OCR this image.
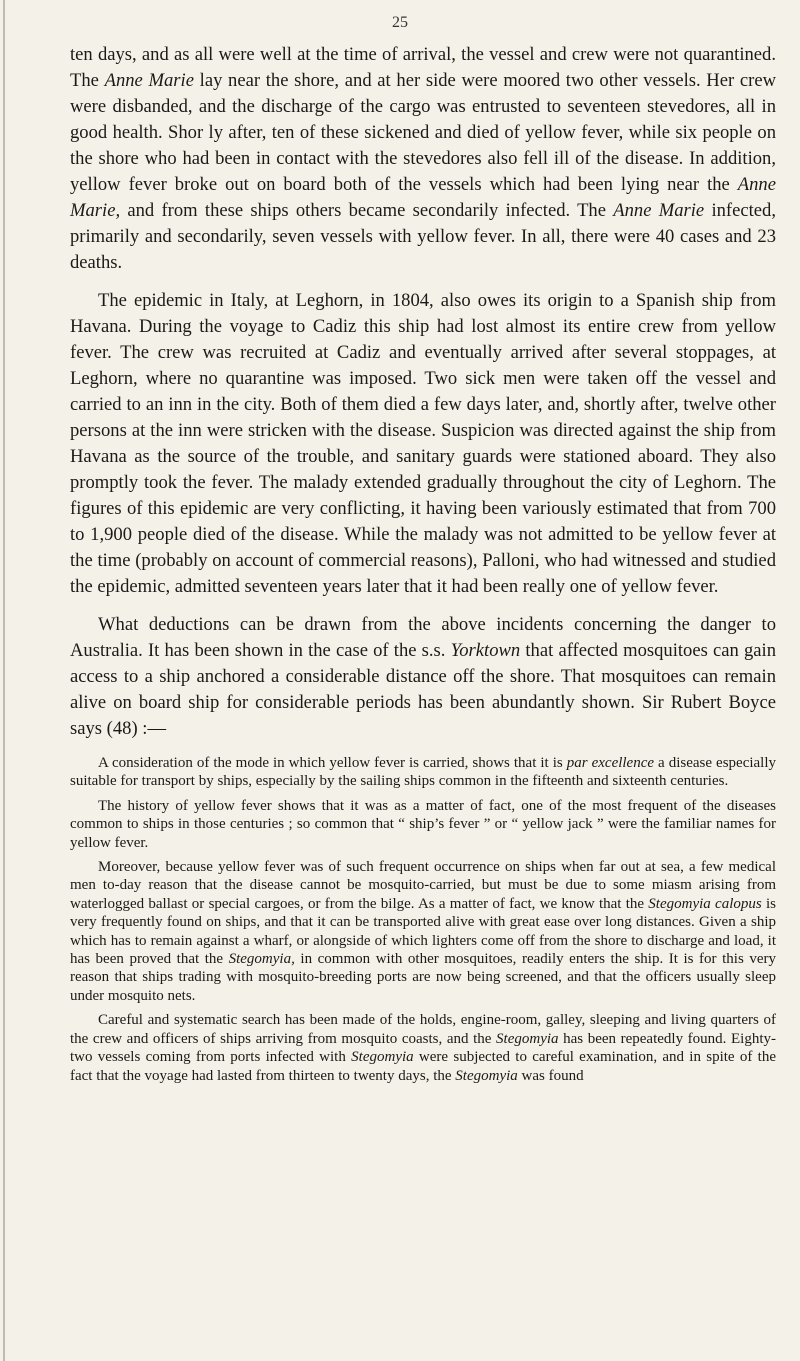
25

ten days, and as all were well at the time of arrival, the vessel and crew were not quarantined. The Anne Marie lay near the shore, and at her side were moored two other vessels. Her crew were disbanded, and the discharge of the cargo was entrusted to seventeen stevedores, all in good health. Shor ly after, ten of these sickened and died of yellow fever, while six people on the shore who had been in contact with the stevedores also fell ill of the disease. In addition, yellow fever broke out on board both of the vessels which had been lying near the Anne Marie, and from these ships others became secondarily infected. The Anne Marie infected, primarily and secondarily, seven vessels with yellow fever. In all, there were 40 cases and 23 deaths.

The epidemic in Italy, at Leghorn, in 1804, also owes its origin to a Spanish ship from Havana. During the voyage to Cadiz this ship had lost almost its entire crew from yellow fever. The crew was recruited at Cadiz and eventually arrived after several stoppages, at Leghorn, where no quarantine was imposed. Two sick men were taken off the vessel and carried to an inn in the city. Both of them died a few days later, and, shortly after, twelve other persons at the inn were stricken with the disease. Suspicion was directed against the ship from Havana as the source of the trouble, and sanitary guards were stationed aboard. They also promptly took the fever. The malady extended gradually throughout the city of Leghorn. The figures of this epidemic are very conflicting, it having been variously estimated that from 700 to 1,900 people died of the disease. While the malady was not admitted to be yellow fever at the time (probably on account of commercial reasons), Palloni, who had witnessed and studied the epidemic, admitted seventeen years later that it had been really one of yellow fever.

What deductions can be drawn from the above incidents concerning the danger to Australia. It has been shown in the case of the s.s. Yorktown that affected mosquitoes can gain access to a ship anchored a considerable distance off the shore. That mosquitoes can remain alive on board ship for considerable periods has been abundantly shown. Sir Rubert Boyce says (48) :—

A consideration of the mode in which yellow fever is carried, shows that it is par excellence a disease especially suitable for transport by ships, especially by the sailing ships common in the fifteenth and sixteenth centuries.

The history of yellow fever shows that it was as a matter of fact, one of the most frequent of the diseases common to ships in those centuries ; so common that “ ship’s fever ” or “ yellow jack ” were the familiar names for yellow fever.

Moreover, because yellow fever was of such frequent occurrence on ships when far out at sea, a few medical men to-day reason that the disease cannot be mosquito-carried, but must be due to some miasm arising from waterlogged ballast or special cargoes, or from the bilge. As a matter of fact, we know that the Stegomyia calopus is very frequently found on ships, and that it can be transported alive with great ease over long distances. Given a ship which has to remain against a wharf, or alongside of which lighters come off from the shore to discharge and load, it has been proved that the Stegomyia, in common with other mosquitoes, readily enters the ship. It is for this very reason that ships trading with mosquito-breeding ports are now being screened, and that the officers usually sleep under mosquito nets.

Careful and systematic search has been made of the holds, engine-room, galley, sleeping and living quarters of the crew and officers of ships arriving from mosquito coasts, and the Stegomyia has been repeatedly found. Eighty-two vessels coming from ports infected with Stegomyia were subjected to careful examination, and in spite of the fact that the voyage had lasted from thirteen to twenty days, the Stegomyia was found
